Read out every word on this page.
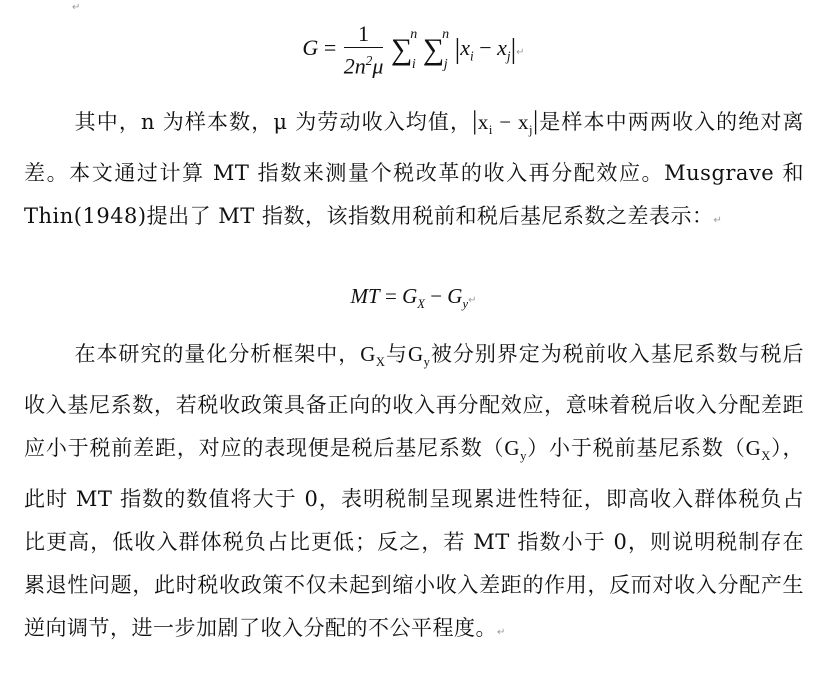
↵
$G = \frac{1}{2n^2\mu}$ ∑
n
i ∑
n
j $|x_i$ − $x_j|↵$

其中，n 为样本数，μ 为劳动收入均值，$|x_i - x_j|$是样本中两两收入的绝对离差。本文通过计算 MT 指数来测量个税改革的收入再分配效应。Musgrave 和 Thin(1948)提出了 MT 指数，该指数用税前和税后基尼系数之差表示：↵

MT = $G_X$ − $G_y↵$

在本研究的量化分析框架中，$G_X$与$G_y$被分别界定为税前收入基尼系数与税后收入基尼系数，若税收政策具备正向的收入再分配效应，意味着税后收入分配差距应小于税前差距，对应的表现便是税后基尼系数$(G_y)$小于税前基尼系数$(G_X)$，此时 MT 指数的数值将大于 0，表明税制呈现累进性特征，即高收入群体税负占比更高，低收入群体税负占比更低；反之，若 MT 指数小于 0，则说明税制存在累退性问题，此时税收政策不仅未起到缩小收入差距的作用，反而对收入分配产生逆向调节，进一步加剧了收入分配的不公平程度。↵
